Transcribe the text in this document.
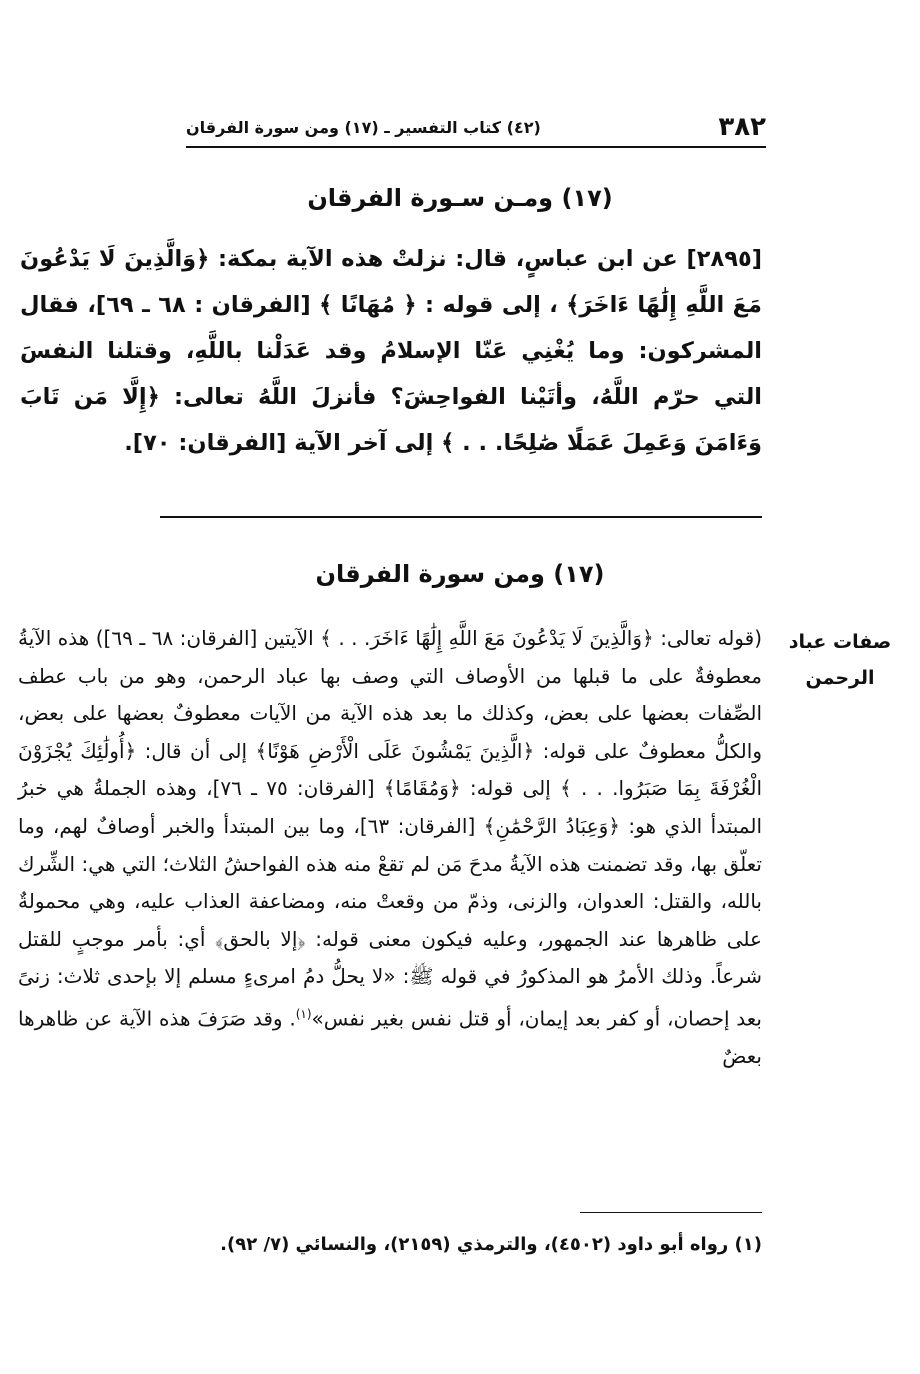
٣٨٢
(٤٢) كتاب التفسير ـ (١٧) ومن سورة الفرقان
(١٧) ومـن سـورة الفرقان
[٢٨٩٥] عن ابن عباسٍ، قال: نزلتْ هذه الآية بمكة: ﴿وَالَّذِينَ لَا يَدْعُونَ مَعَ اللَّهِ إِلَٰهًا ءَاخَرَ﴾ ، إلى قوله : ﴿ مُهَانًا ﴾ [الفرقان : ٦٨ ـ ٦٩]، فقال المشركون: وما يُغْنِي عَنّا الإسلامُ وقد عَدَلْنا باللَّهِ، وقتلنا النفسَ التي حرّم اللَّهُ، وأتَيْنا الفواحِشَ؟ فأنزلَ اللَّهُ تعالى: ﴿إِلَّا مَن تَابَ وَءَامَنَ وَعَمِلَ عَمَلًا صَٰلِحًا. . . ﴾ إلى آخر الآية [الفرقان: ٧٠].
(١٧) ومن سورة الفرقان
صفات عباد الرحمن
(قوله تعالى: ﴿وَالَّذِينَ لَا يَدْعُونَ مَعَ اللَّهِ إِلَٰهًا ءَاخَرَ. . . ﴾ الآيتين [الفرقان: ٦٨ ـ ٦٩]) هذه الآيةُ معطوفةٌ على ما قبلها من الأوصاف التي وصف بها عباد الرحمن، وهو من باب عطف الصِّفات بعضها على بعض، وكذلك ما بعد هذه الآية من الآيات معطوفٌ بعضها على بعض، والكلُّ معطوفٌ على قوله: ﴿الَّذِينَ يَمْشُونَ عَلَى الْأَرْضِ هَوْنًا﴾ إلى أن قال: ﴿أُولَٰئِكَ يُجْزَوْنَ الْغُرْفَةَ بِمَا صَبَرُوا. . . ﴾ إلى قوله: ﴿وَمُقَامًا﴾ [الفرقان: ٧٥ ـ ٧٦]، وهذه الجملةُ هي خبرُ المبتدأ الذي هو: ﴿وَعِبَادُ الرَّحْمَٰنِ﴾ [الفرقان: ٦٣]، وما بين المبتدأ والخبر أوصافٌ لهم، وما تعلّق بها، وقد تضمنت هذه الآيةُ مدحَ مَن لم تقعْ منه هذه الفواحشُ الثلاث؛ التي هي: الشِّرك بالله، والقتل: العدوان، والزنى، وذمّ من وقعتْ منه، ومضاعفة العذاب عليه، وهي محمولةٌ على ظاهرها عند الجمهور، وعليه فيكون معنى قوله: ﴿إلا بالحق﴾ أي: بأمر موجبٍ للقتل شرعاً. وذلك الأمرُ هو المذكورُ في قوله ﷺ: «لا يحلُّ دمُ امرىءٍ مسلم إلا بإحدى ثلاث: زنىً بعد إحصان، أو كفر بعد إيمان، أو قتل نفس بغير نفس»$^{(١)}$. وقد صَرَفَ هذه الآية عن ظاهرها بعضٌ
(١) رواه أبو داود (٤٥٠٢)، والترمذي (٢١٥٩)، والنسائي (٧/ ٩٢).
